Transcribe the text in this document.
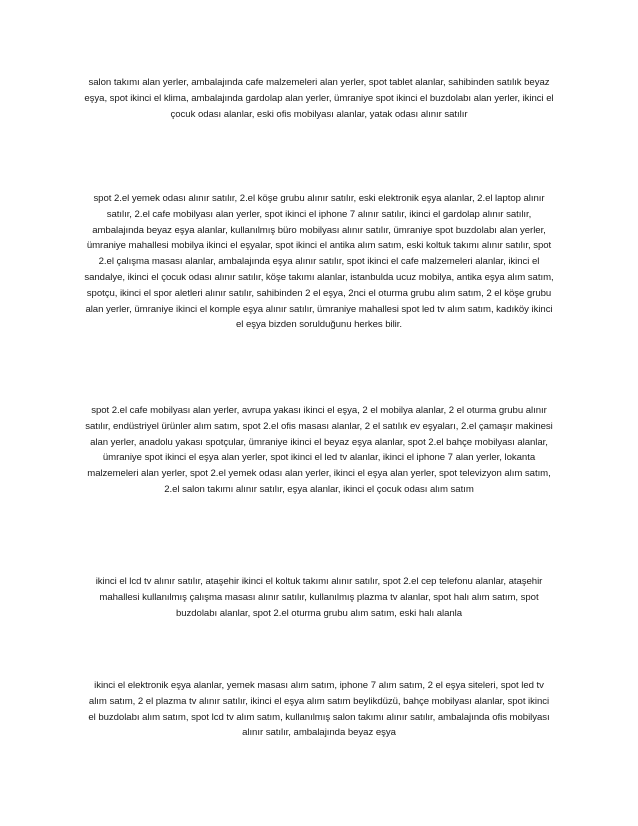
salon takımı alan yerler, ambalajında cafe malzemeleri alan yerler, spot tablet alanlar, sahibinden satılık beyaz eşya, spot ikinci el klima, ambalajında gardolap alan yerler, ümraniye spot ikinci el buzdolabı alan yerler, ikinci el çocuk odası alanlar, eski ofis mobilyası alanlar, yatak odası alınır satılır

spot 2.el yemek odası alınır satılır, 2.el köşe grubu alınır satılır, eski elektronik eşya alanlar, 2.el laptop alınır satılır, 2.el cafe mobilyası alan yerler, spot ikinci el iphone 7 alınır satılır, ikinci el gardolap alınır satılır, ambalajında beyaz eşya alanlar, kullanılmış büro mobilyası alınır satılır, ümraniye spot buzdolabı alan yerler, ümraniye mahallesi mobilya ikinci el eşyalar, spot ikinci el antika alım satım, eski koltuk takımı alınır satılır, spot 2.el çalışma masası alanlar, ambalajında eşya alınır satılır, spot ikinci el cafe malzemeleri alanlar, ikinci el sandalye, ikinci el çocuk odası alınır satılır, köşe takımı alanlar, istanbulda ucuz mobilya, antika eşya alım satım, spotçu, ikinci el spor aletleri alınır satılır, sahibinden 2 el eşya, 2nci el oturma grubu alım satım, 2 el köşe grubu alan yerler, ümraniye ikinci el komple eşya alınır satılır, ümraniye mahallesi spot led tv alım satım, kadıköy ikinci el eşya bizden sorulduğunu herkes bilir.

spot 2.el cafe mobilyası alan yerler, avrupa yakası ikinci el eşya, 2 el mobilya alanlar, 2 el oturma grubu alınır satılır, endüstriyel ürünler alım satım, spot 2.el ofis masası alanlar, 2 el satılık ev eşyaları, 2.el çamaşır makinesi alan yerler, anadolu yakası spotçular, ümraniye ikinci el beyaz eşya alanlar, spot 2.el bahçe mobilyası alanlar, ümraniye spot ikinci el eşya alan yerler, spot ikinci el led tv alanlar, ikinci el iphone 7 alan yerler, lokanta malzemeleri alan yerler, spot 2.el yemek odası alan yerler, ikinci el eşya alan yerler, spot televizyon alım satım, 2.el salon takımı alınır satılır, eşya alanlar, ikinci el çocuk odası alım satım

ikinci el lcd tv alınır satılır, ataşehir ikinci el koltuk takımı alınır satılır, spot 2.el cep telefonu alanlar, ataşehir mahallesi kullanılmış çalışma masası alınır satılır, kullanılmış plazma tv alanlar, spot halı alım satım, spot buzdolabı alanlar, spot 2.el oturma grubu alım satım, eski halı alanla

ikinci el elektronik eşya alanlar, yemek masası alım satım, iphone 7 alım satım, 2 el eşya siteleri, spot led tv alım satım, 2 el plazma tv alınır satılır, ikinci el eşya alım satım beylikdüzü, bahçe mobilyası alanlar, spot ikinci el buzdolabı alım satım, spot lcd tv alım satım, kullanılmış salon takımı alınır satılır, ambalajında ofis mobilyası alınır satılır, ambalajında beyaz eşya
